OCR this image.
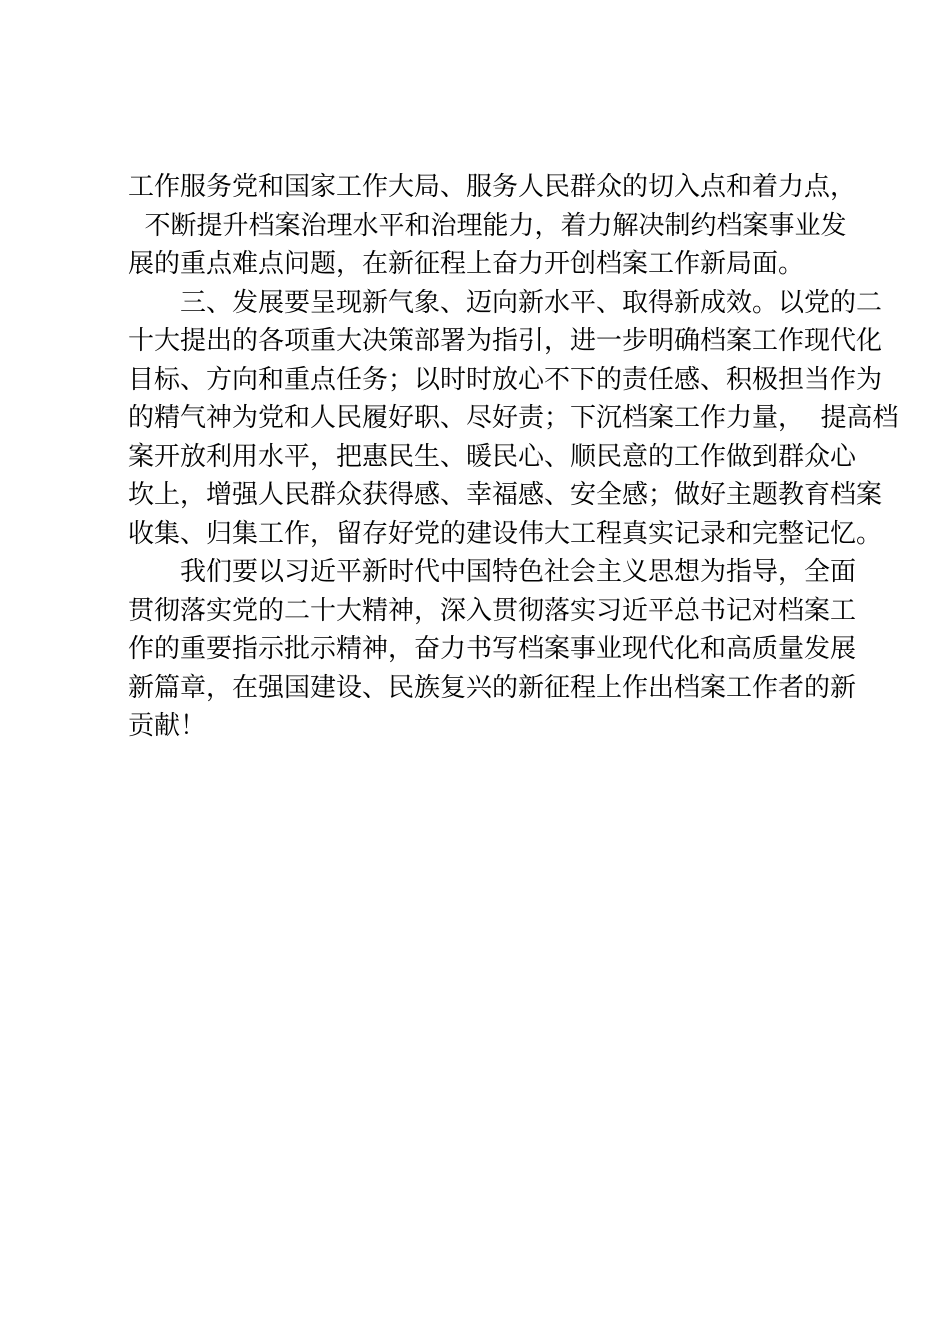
工作服务党和国家工作大局、服务人民群众的切入点和着力点，
不断提升档案治理水平和治理能力，着力解决制约档案事业发
展的重点难点问题，在新征程上奋力开创档案工作新局面。
三、发展要呈现新气象、迈向新水平、取得新成效。以党的二
十大提出的各项重大决策部署为指引，进一步明确档案工作现代化
目标、方向和重点任务；以时时放心不下的责任感、积极担当作为
的精气神为党和人民履好职、尽好责；下沉档案工作力量，  提高档
案开放利用水平，把惠民生、暖民心、顺民意的工作做到群众心
坎上，增强人民群众获得感、幸福感、安全感；做好主题教育档案
收集、归集工作，留存好党的建设伟大工程真实记录和完整记忆。
我们要以习近平新时代中国特色社会主义思想为指导，全面
贯彻落实党的二十大精神，深入贯彻落实习近平总书记对档案工
作的重要指示批示精神，奋力书写档案事业现代化和高质量发展
新篇章，在强国建设、民族复兴的新征程上作出档案工作者的新
贡献！
